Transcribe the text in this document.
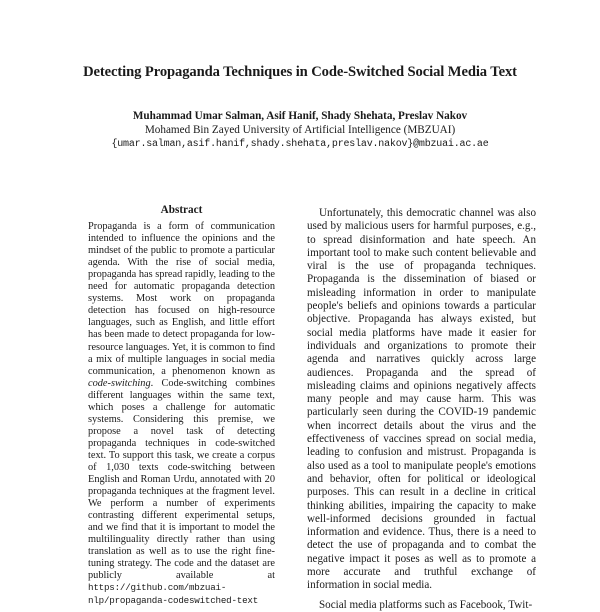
Detecting Propaganda Techniques in Code-Switched Social Media Text
Muhammad Umar Salman, Asif Hanif, Shady Shehata, Preslav Nakov
Mohamed Bin Zayed University of Artificial Intelligence (MBZUAI)
{umar.salman,asif.hanif,shady.shehata,preslav.nakov}@mbzuai.ac.ae
Abstract

Propaganda is a form of communication intended to influence the opinions and the mindset of the public to promote a particular agenda. With the rise of social media, propaganda has spread rapidly, leading to the need for automatic propaganda detection systems. Most work on propaganda detection has focused on high-resource languages, such as English, and little effort has been made to detect propaganda for low-resource languages. Yet, it is common to find a mix of multiple languages in social media communication, a phenomenon known as code-switching. Code-switching combines different languages within the same text, which poses a challenge for automatic systems. Considering this premise, we propose a novel task of detecting propaganda techniques in code-switched text. To support this task, we create a corpus of 1,030 texts code-switching between English and Roman Urdu, annotated with 20 propaganda techniques at the fragment level. We perform a number of experiments contrasting different experimental setups, and we find that it is important to model the multilinguality directly rather than using translation as well as to use the right fine-tuning strategy. The code and the dataset are publicly available at https://github.com/mbzuai-nlp/propaganda-codeswitched-text

Unfortunately, this democratic channel was also used by malicious users for harmful purposes, e.g., to spread disinformation and hate speech. An important tool to make such content believable and viral is the use of propaganda techniques. Propaganda is the dissemination of biased or misleading information in order to manipulate people's beliefs and opinions towards a particular objective. Propaganda has always existed, but social media platforms have made it easier for individuals and organizations to promote their agenda and narratives quickly across large audiences. Propaganda and the spread of misleading claims and opinions negatively affects many people and may cause harm. This was particularly seen during the COVID-19 pandemic when incorrect details about the virus and the effectiveness of vaccines spread on social media, leading to confusion and mistrust. Propaganda is also used as a tool to manipulate people's emotions and behavior, often for political or ideological purposes. This can result in a decline in critical thinking abilities, impairing the capacity to make well-informed decisions grounded in factual information and evidence. Thus, there is a need to detect the use of propaganda and to combat the negative impact it poses as well as to promote a more accurate and truthful exchange of information in social media.

Social media platforms such as Facebook, Twit-
